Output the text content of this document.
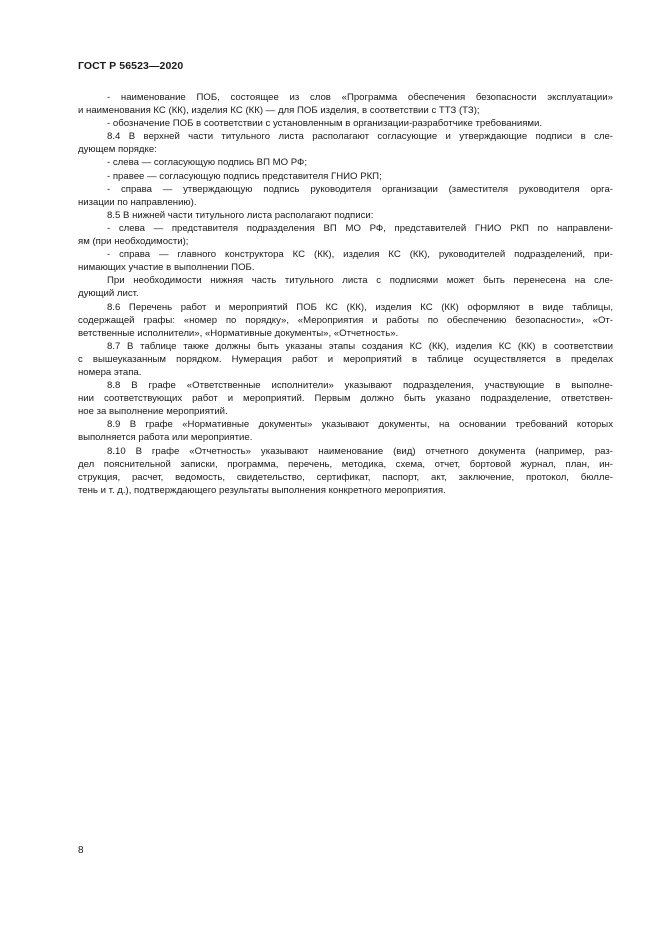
ГОСТ Р 56523—2020
- наименование ПОБ, состоящее из слов «Программа обеспечения безопасности эксплуатации»
и наименования КС (КК), изделия КС (КК) — для ПОБ изделия, в соответствии с ТТЗ (ТЗ);
- обозначение ПОБ в соответствии с установленным в организации-разработчике требованиями.
8.4 В верхней части титульного листа располагают согласующие и утверждающие подписи в сле-
дующем порядке:
- слева — согласующую подпись ВП МО РФ;
- правее — согласующую подпись представителя ГНИО РКП;
- справа — утверждающую подпись руководителя организации (заместителя руководителя орга-
низации по направлению).
8.5 В нижней части титульного листа располагают подписи:
- слева — представителя подразделения ВП МО РФ, представителей ГНИО РКП по направлени-
ям (при необходимости);
- справа — главного конструктора КС (КК), изделия КС (КК), руководителей подразделений, при-
нимающих участие в выполнении ПОБ.
При необходимости нижняя часть титульного листа с подписями может быть перенесена на сле-
дующий лист.
8.6 Перечень работ и мероприятий ПОБ КС (КК), изделия КС (КК) оформляют в виде таблицы,
содержащей графы: «номер по порядку», «Мероприятия и работы по обеспечению безопасности», «От-
ветственные исполнители», «Нормативные документы», «Отчетность».
8.7 В таблице также должны быть указаны этапы создания КС (КК), изделия КС (КК) в соответствии
с вышеуказанным порядком. Нумерация работ и мероприятий в таблице осуществляется в пределах
номера этапа.
8.8 В графе «Ответственные исполнители» указывают подразделения, участвующие в выполне-
нии соответствующих работ и мероприятий. Первым должно быть указано подразделение, ответствен-
ное за выполнение мероприятий.
8.9 В графе «Нормативные документы» указывают документы, на основании требований которых
выполняется работа или мероприятие.
8.10 В графе «Отчетность» указывают наименование (вид) отчетного документа (например, раз-
дел пояснительной записки, программа, перечень, методика, схема, отчет, бортовой журнал, план, ин-
струкция, расчет, ведомость, свидетельство, сертификат, паспорт, акт, заключение, протокол, бюлле-
тень и т. д.), подтверждающего результаты выполнения конкретного мероприятия.
8
